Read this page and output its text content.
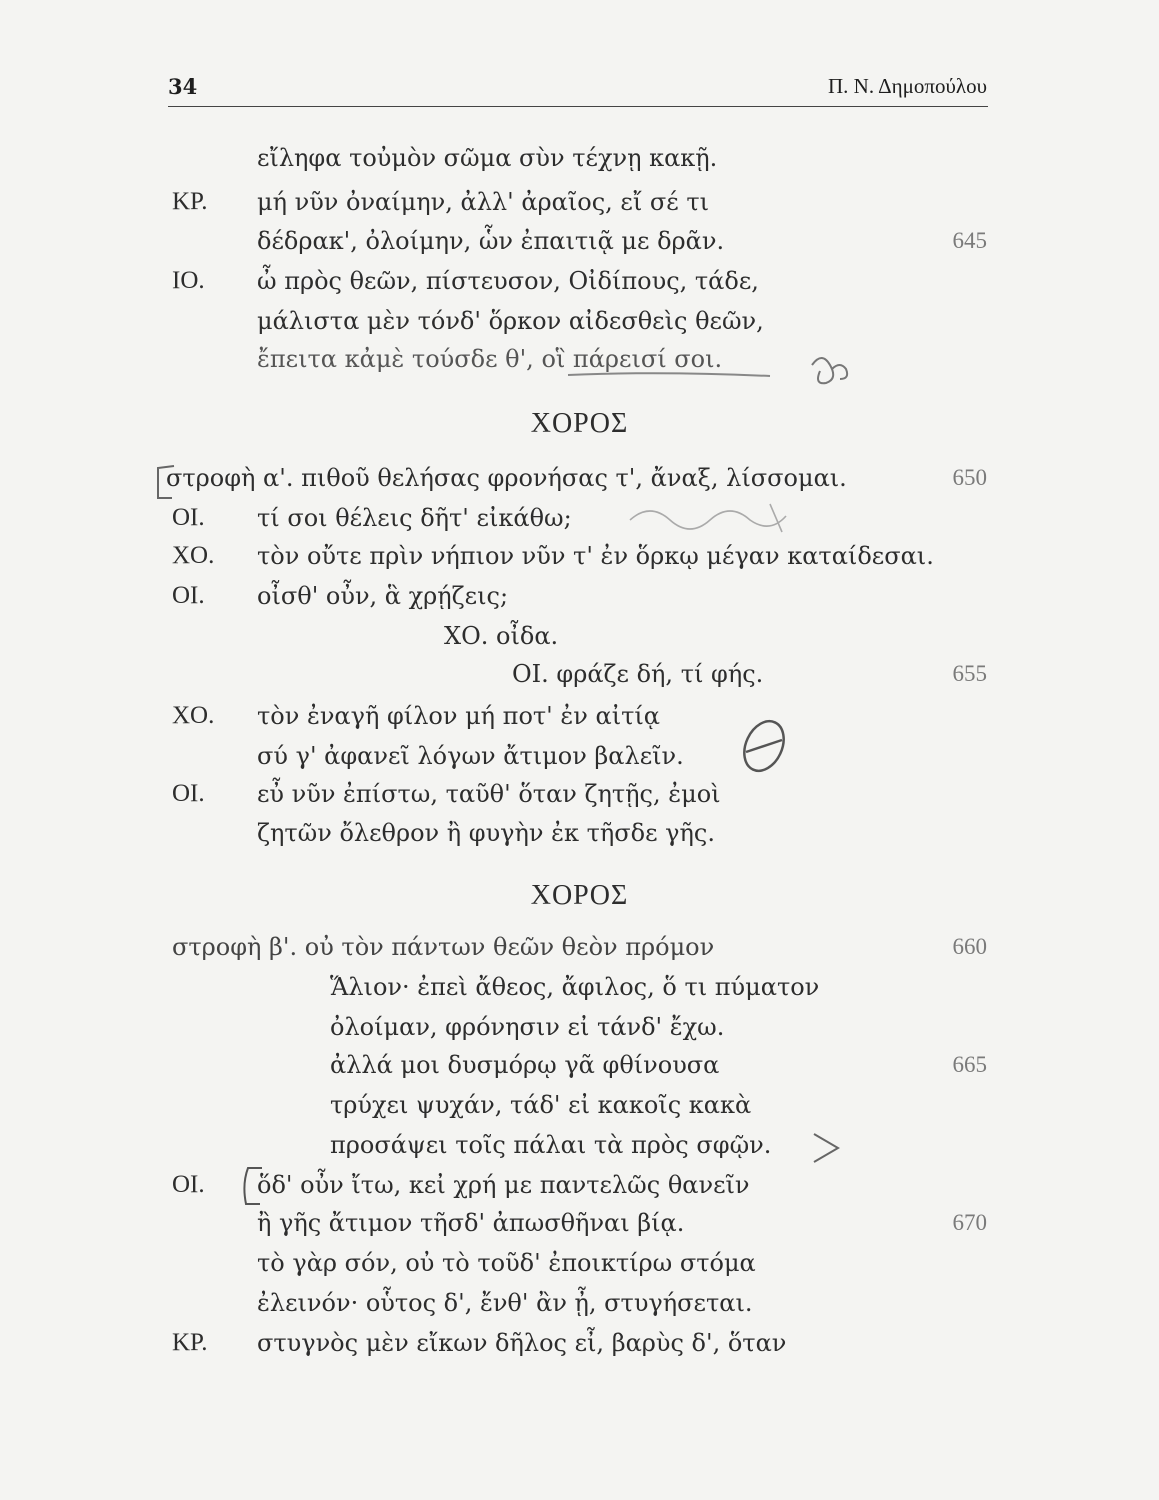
34	Π. Ν. Δημοπούλου
εἴληφα τοὐμὸν σῶμα σὺν τέχνῃ κακῇ.
ΚΡ. μή νῦν ὀναίμην, ἀλλ' ἀραῖος, εἴ σέ τι
δέδρακ', ὀλοίμην, ὧν ἐπαιτιᾷ με δρᾶν.	645
ΙΟ. ὦ πρὸς θεῶν, πίστευσον, Οἰδίπους, τάδε,
μάλιστα μὲν τόνδ' ὅρκον αἰδεσθεὶς θεῶν,
ἔπειτα κἀμὲ τούσδε θ', οἳ πάρεισί σοι.
ΧΟΡΟΣ
στροφὴ α'. πιθοῦ θελήσας φρονήσας τ', ἄναξ, λίσσομαι.	650
ΟΙ. τί σοι θέλεις δῆτ' εἰκάθω;
ΧΟ. τὸν οὔτε πρὶν νήπιον νῦν τ' ἐν ὅρκῳ μέγαν καταίδεσαι.
ΟΙ. οἶσθ' οὖν, ἃ χρῄζεις;
ΧΟ. οἶδα.
ΟΙ. φράζε δή, τί φής.	655
ΧΟ. τὸν ἐναγῆ φίλον μή ποτ' ἐν αἰτίᾳ
σύ γ' ἀφανεῖ λόγων ἄτιμον βαλεῖν.
ΟΙ. εὖ νῦν ἐπίστω, ταῦθ' ὅταν ζητῇς, ἐμοὶ
ζητῶν ὄλεθρον ἢ φυγὴν ἐκ τῆσδε γῆς.
ΧΟΡΟΣ
στροφὴ β'. οὐ τὸν πάντων θεῶν θεὸν πρόμον	660
Ἅλιον· ἐπεὶ ἄθεος, ἄφιλος, ὅ τι πύματον
ὀλοίμαν, φρόνησιν εἰ τάνδ' ἔχω.
ἀλλά μοι δυσμόρῳ γᾶ φθίνουσα	665
τρύχει ψυχάν, τάδ' εἰ κακοῖς κακὰ
προσάψει τοῖς πάλαι τὰ πρὸς σφῷν.
ΟΙ. ὅδ' οὖν ἴτω, κεἰ χρή με παντελῶς θανεῖν
ἢ γῆς ἄτιμον τῆσδ' ἀπωσθῆναι βίᾳ.	670
τὸ γὰρ σόν, οὐ τὸ τοῦδ' ἐποικτίρω στόμα
ἐλεινόν· οὗτος δ', ἔνθ' ἂν ᾖ, στυγήσεται.
ΚΡ. στυγνὸς μὲν εἴκων δῆλος εἶ, βαρὺς δ', ὅταν
